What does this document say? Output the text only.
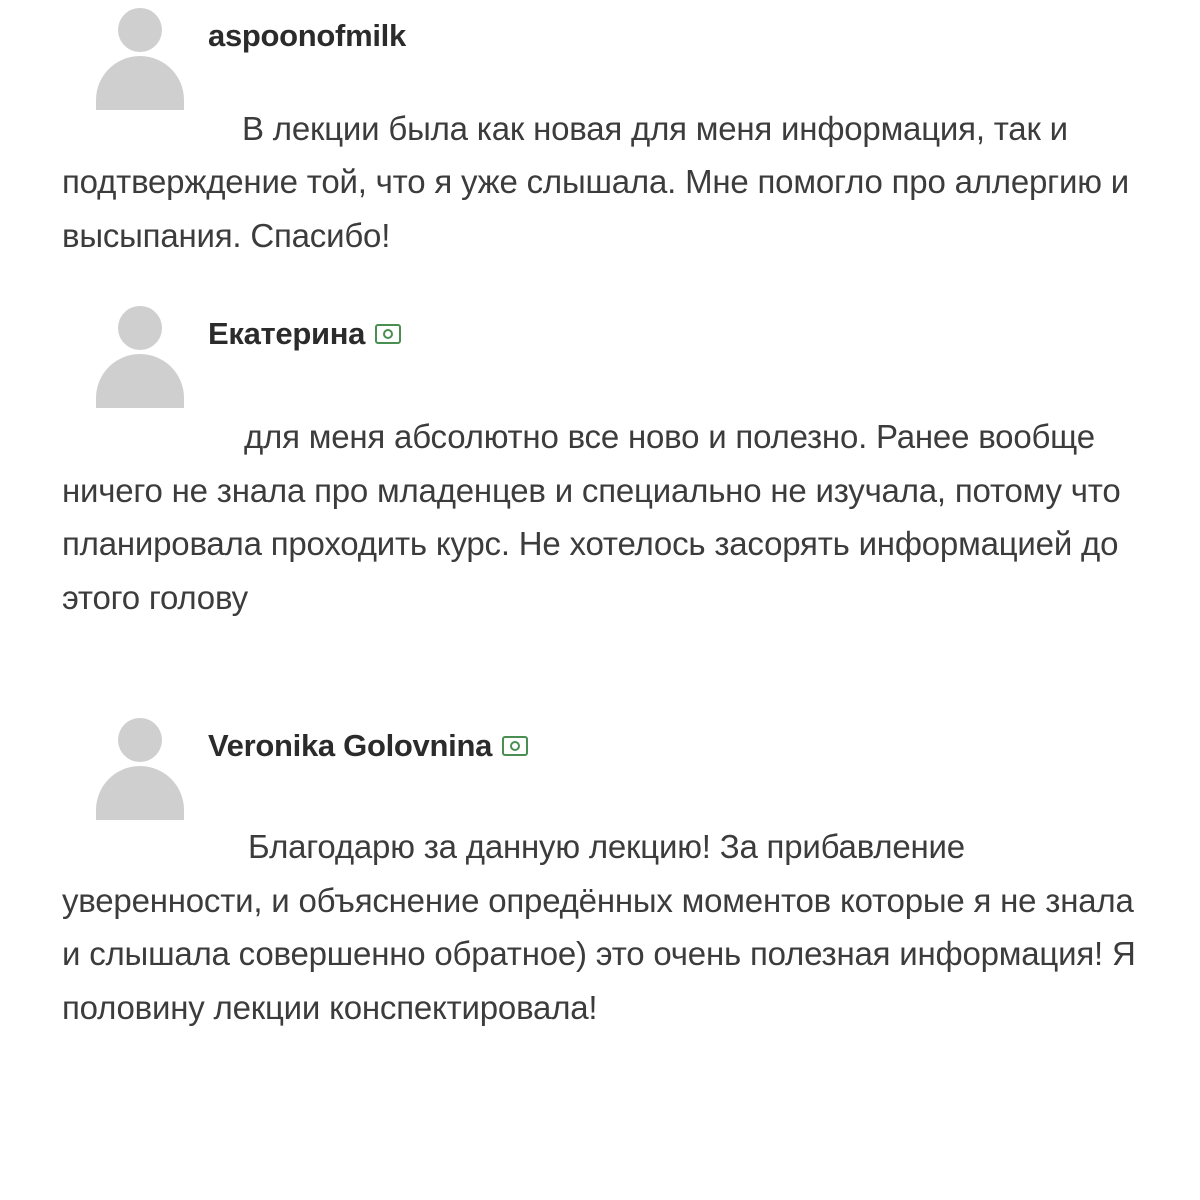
aspoonofmilk
В лекции была как новая для меня информация, так и подтверждение той, что я уже слышала. Мне помогло про аллергию и высыпания. Спасибо!
Екатерина
для меня абсолютно все ново и полезно. Ранее вообще ничего не знала про младенцев и специально не изучала, потому что планировала проходить курс. Не хотелось засорять информацией до этого голову
Veronika Golovnina
Благодарю за данную лекцию! За прибавление уверенности, и объяснение опредённых моментов которые я не знала и слышала совершенно обратное) это очень полезная информация! Я половину лекции конспектировала!
